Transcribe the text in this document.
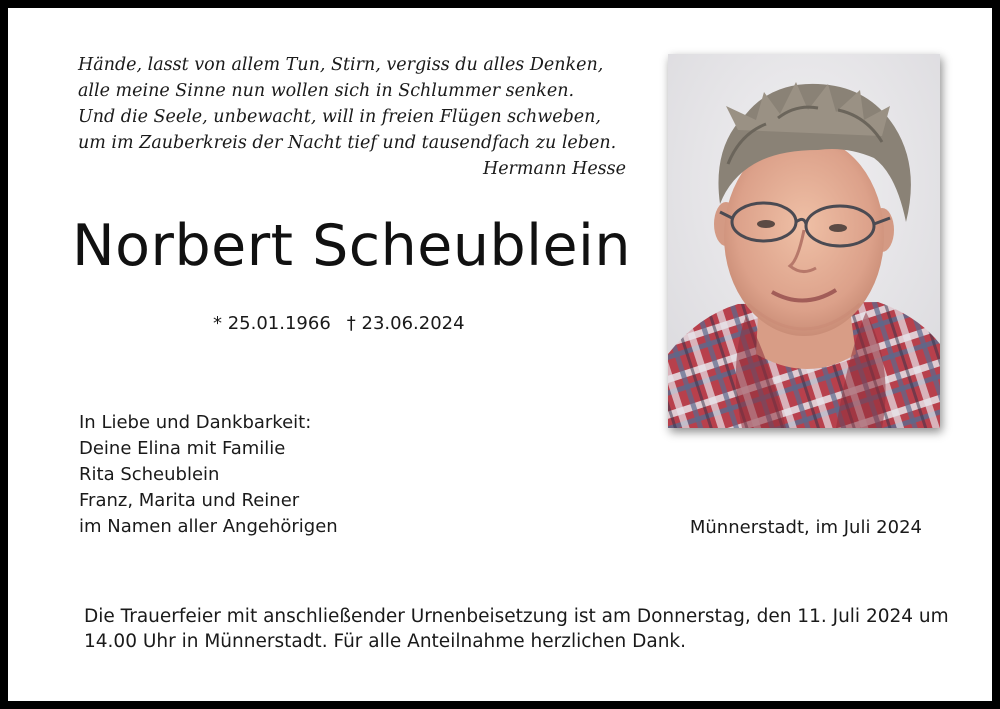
Hände, lasst von allem Tun, Stirn, vergiss du alles Denken,
alle meine Sinne nun wollen sich in Schlummer senken.
Und die Seele, unbewacht, will in freien Flügen schweben,
um im Zauberkreis der Nacht tief und tausendfach zu leben.
Hermann Hesse
Norbert Scheublein
* 25.01.1966 † 23.06.2024
In Liebe und Dankbarkeit:
Deine Elina mit Familie
Rita Scheublein
Franz, Marita und Reiner
im Namen aller Angehörigen	Münnerstadt, im Juli 2024
Die Trauerfeier mit anschließender Urnenbeisetzung ist am Donnerstag, den 11. Juli 2024 um 14.00 Uhr in Münnerstadt. Für alle Anteilnahme herzlichen Dank.
